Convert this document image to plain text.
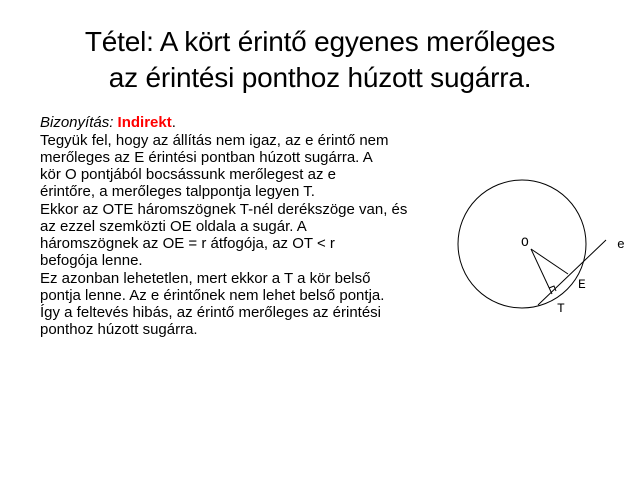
Tétel: A kört érintő egyenes merőleges
az érintési ponthoz húzott sugárra.
Bizonyítás: Indirekt.

Tegyük fel, hogy az állítás nem igaz, az e érintő nem
merőleges az E érintési pontban húzott sugárra. A
kör O pontjából bocsássunk merőlegest az e
érintőre, a merőleges talppontja legyen T.

Ekkor az OTE háromszögnek T-nél derékszöge van, és
az ezzel szemközti OE oldala a sugár. A
háromszögnek az OE = r átfogója, az OT < r
befogója lenne.

Ez azonban lehetetlen, mert ekkor a T a kör belső
pontja lenne. Az e érintőnek nem lehet belső pontja.
Így a feltevés hibás, az érintő merőleges az érintési
ponthoz húzott sugárra.

O
E
T
e
